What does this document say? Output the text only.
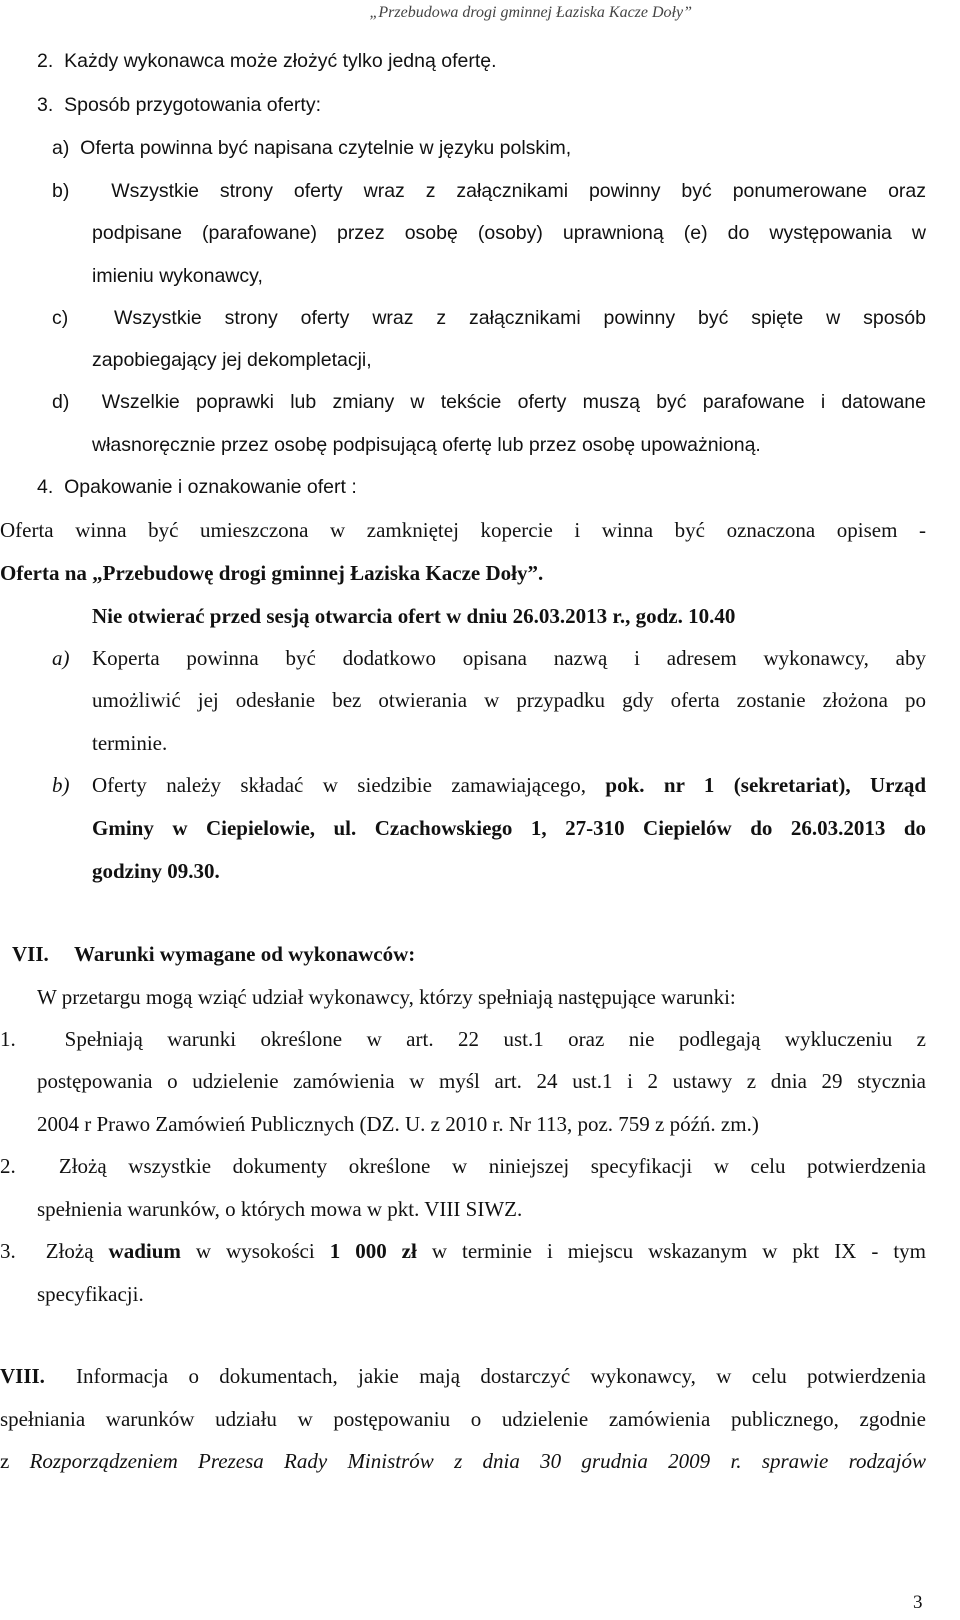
„Przebudowa drogi gminnej Łaziska Kacze Doły”

2.  Każdy wykonawca może złożyć tylko jedną ofertę.

3.  Sposób przygotowania oferty:

a)  Oferta powinna być napisana czytelnie w języku polskim,

b)  Wszystkie strony oferty wraz z załącznikami powinny być ponumerowane oraz

podpisane (parafowane) przez osobę (osoby) uprawnioną (e) do występowania w

imieniu wykonawcy,

c)  Wszystkie strony oferty wraz z załącznikami powinny być spięte w sposób

zapobiegający jej dekompletacji,

d)  Wszelkie poprawki lub zmiany w tekście oferty muszą być parafowane i datowane

własnoręcznie przez osobę podpisującą ofertę lub przez osobę upoważnioną.

4.  Opakowanie i oznakowanie ofert :

Oferta winna być umieszczona w zamkniętej kopercie i winna być oznaczona opisem -

Oferta na „Przebudowę drogi gminnej Łaziska Kacze Doły”.

Nie otwierać przed sesją otwarcia ofert w dniu 26.03.2013 r., godz. 10.40

a) Koperta powinna być dodatkowo opisana nazwą i adresem wykonawcy, aby

umożliwić jej odesłanie bez otwierania w przypadku gdy oferta zostanie złożona po

terminie.

b) Oferty należy składać w siedzibie zamawiającego, pok. nr 1 (sekretariat), Urząd

Gminy w Ciepielowie, ul. Czachowskiego 1, 27-310 Ciepielów do 26.03.2013 do

godziny 09.30.

VII. Warunki wymagane od wykonawców:

W przetargu mogą wziąć udział wykonawcy, którzy spełniają następujące warunki:

1.  Spełniają warunki określone w art. 22 ust.1 oraz nie podlegają wykluczeniu z

postępowania o udzielenie zamówienia w myśl art. 24 ust.1 i 2 ustawy z dnia 29 stycznia

2004 r Prawo Zamówień Publicznych (DZ. U. z 2010 r. Nr 113, poz. 759 z późń. zm.)

2.  Złożą wszystkie dokumenty określone w niniejszej specyfikacji w celu potwierdzenia

spełnienia warunków, o których mowa w pkt. VIII SIWZ.

3.  Złożą wadium w wysokości 1 000 zł w terminie i miejscu wskazanym w pkt IX - tym

specyfikacji.

VIII. Informacja o dokumentach, jakie mają dostarczyć wykonawcy, w celu potwierdzenia

spełniania warunków udziału w postępowaniu o udzielenie zamówienia publicznego, zgodnie

z Rozporządzeniem Prezesa Rady Ministrów z dnia 30 grudnia 2009 r. sprawie rodzajów

3
